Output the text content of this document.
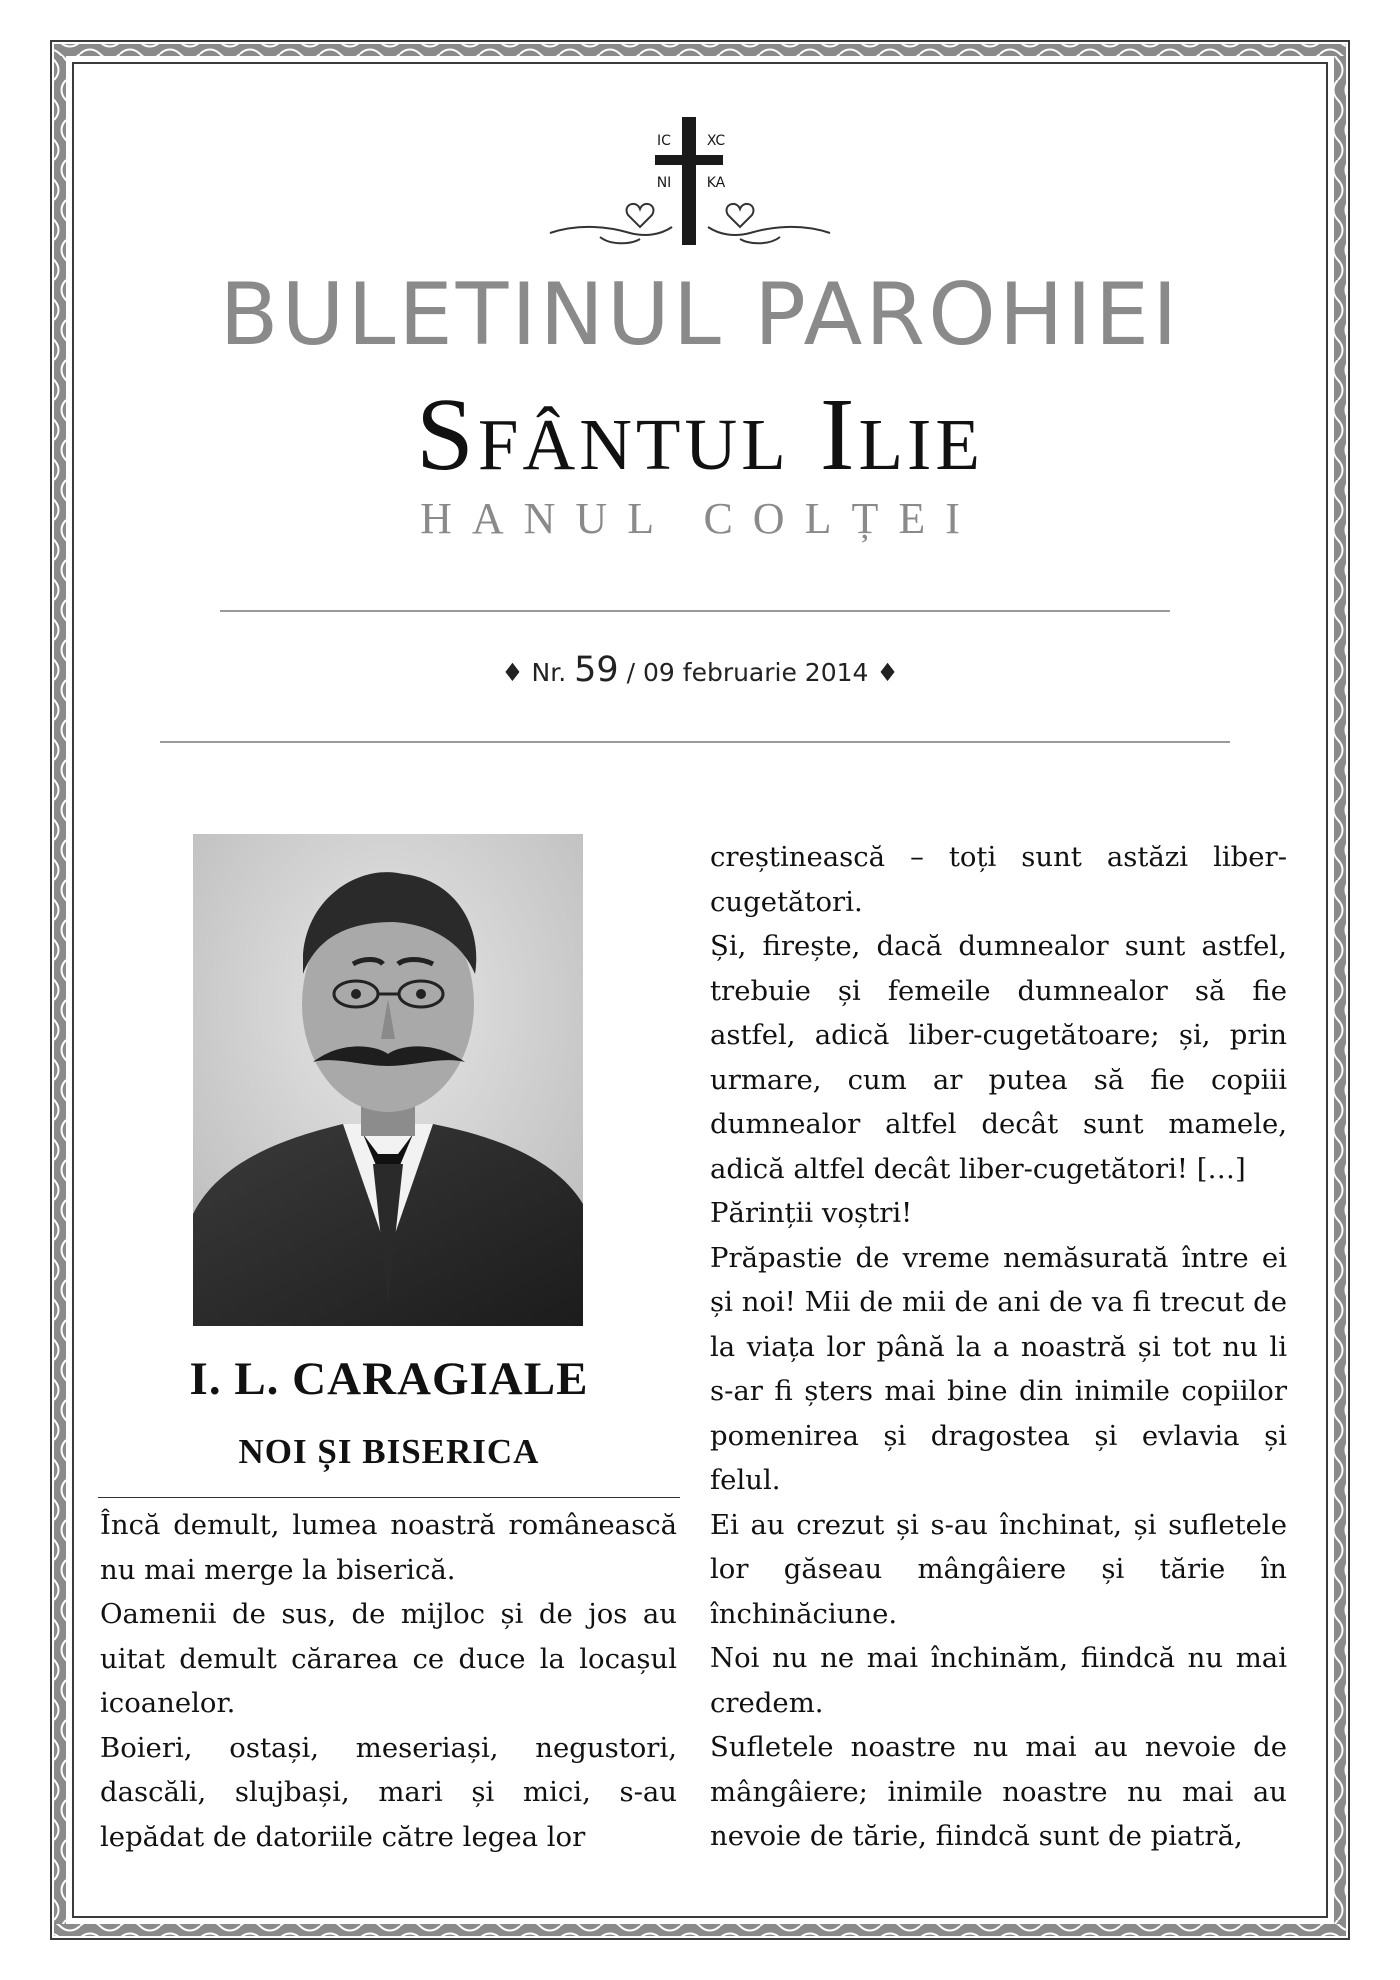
IC	XC
NI	KA
BULETINUL PAROHIEI
Sfântul Ilie
HANUL COLȚEI
♦ Nr. 59 / 09 februarie 2014 ♦
I. L. CARAGIALE
NOI ȘI BISERICA

Încă demult, lumea noastră românească nu mai merge la biserică.

Oamenii de sus, de mijloc și de jos au uitat demult cărarea ce duce la locașul icoanelor.

Boieri, ostași, meseriași, negustori, dascăli, slujbași, mari și mici, s-au lepădat de datoriile către legea lor

creștinească – toți sunt astăzi liber-cugetători.

Și, firește, dacă dumnealor sunt astfel, trebuie și femeile dumnealor să fie astfel, adică liber-cugetătoare; și, prin urmare, cum ar putea să fie copiii dumnealor altfel decât sunt mamele, adică altfel decât liber-cugetători! […]

Părinții voștri!

Prăpastie de vreme nemăsurată între ei și noi! Mii de mii de ani de va fi trecut de la viața lor până la a noastră și tot nu li s-ar fi șters mai bine din inimile copiilor pomenirea și dragostea și evlavia și felul.

Ei au crezut și s-au închinat, și sufletele lor găseau mângâiere și tărie în închinăciune.

Noi nu ne mai închinăm, fiindcă nu mai credem.

Sufletele noastre nu mai au nevoie de mângâiere; inimile noastre nu mai au nevoie de tărie, fiindcă sunt de piatră,
